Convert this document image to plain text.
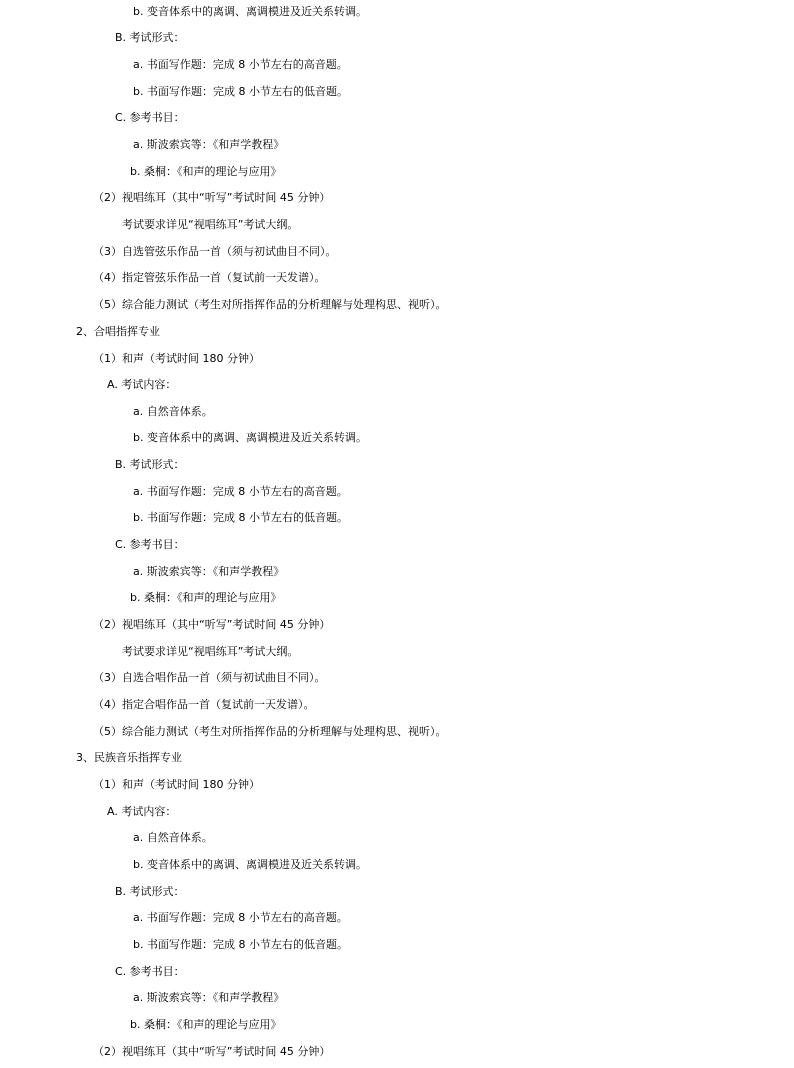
b. 变音体系中的离调、离调模进及近关系转调。
B. 考试形式：
a. 书面写作题：完成 8 小节左右的高音题。
b. 书面写作题：完成 8 小节左右的低音题。
C. 参考书目：
a. 斯波索宾等：《和声学教程》
b. 桑桐：《和声的理论与应用》
（2）视唱练耳（其中“听写”考试时间 45 分钟）
考试要求详见“视唱练耳”考试大纲。
（3）自选管弦乐作品一首（须与初试曲目不同）。
（4）指定管弦乐作品一首（复试前一天发谱）。
（5）综合能力测试（考生对所指挥作品的分析理解与处理构思、视听）。
2、合唱指挥专业
（1）和声（考试时间 180 分钟）
A. 考试内容：
a. 自然音体系。
b. 变音体系中的离调、离调模进及近关系转调。
B. 考试形式：
a. 书面写作题：完成 8 小节左右的高音题。
b. 书面写作题：完成 8 小节左右的低音题。
C. 参考书目：
a. 斯波索宾等：《和声学教程》
b. 桑桐：《和声的理论与应用》
（2）视唱练耳（其中“听写”考试时间 45 分钟）
考试要求详见“视唱练耳”考试大纲。
（3）自选合唱作品一首（须与初试曲目不同）。
（4）指定合唱作品一首（复试前一天发谱）。
（5）综合能力测试（考生对所指挥作品的分析理解与处理构思、视听）。
3、民族音乐指挥专业
（1）和声（考试时间 180 分钟）
A. 考试内容：
a. 自然音体系。
b. 变音体系中的离调、离调模进及近关系转调。
B. 考试形式：
a. 书面写作题：完成 8 小节左右的高音题。
b. 书面写作题：完成 8 小节左右的低音题。
C. 参考书目：
a. 斯波索宾等：《和声学教程》
b. 桑桐：《和声的理论与应用》
（2）视唱练耳（其中“听写”考试时间 45 分钟）
